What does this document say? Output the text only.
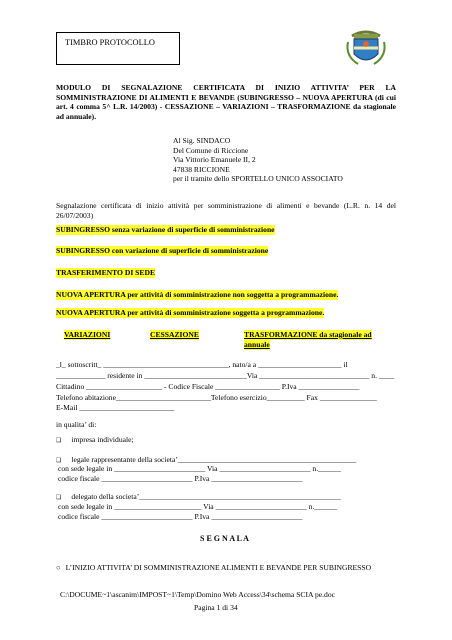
TIMBRO PROTOCOLLO
MODULO DI SEGNALAZIONE CERTIFICATA DI INIZIO ATTIVITA’ PER LA SOMMINISTRAZIONE DI ALIMENTI E BEVANDE (SUBINGRESSO – NUOVA APERTURA (di cui art. 4 comma 5^ L.R. 14/2003) - CESSAZIONE – VARIAZIONI – TRASFORMAZIONE da stagionale ad annuale).
Al Sig. SINDACO
Del Comune di Riccione
Via Vittorio Emanuele II, 2
47838 RICCIONE
per il tramite dello SPORTELLO UNICO ASSOCIATO
Segnalazione certificata di inizio attività per somministrazione di alimenti e bevande (L.R. n. 14 del 26/07/2003)
SUBINGRESSO senza variazione di superficie di somministrazione
SUBINGRESSO con variazione di superficie di somministrazione
TRASFERIMENTO DI SEDE
NUOVA APERTURA per attività di somministrazione non soggetta a programmazione.
NUOVA APERTURA per attività di somministrazione soggetta a programmazione.
VARIAZIONI	CESSAZIONE	TRASFORMAZIONE da stagionale ad
annuale
_l_ sottoscritt_ _________________________________, nato/a a ______________________ il
_____________ residente in ___________________________Via _____________________________ n. ____
Cittadino ____________________ - Codice Fiscale _________________ P.Iva ________________
Telefono abitazione_________________________Telefono esercizio__________ Fax _______________
E-Mail _________________________
in qualita’ di:
❑ impresa individuale;
❑ legale rappresentante della societa’_______________________________________________
con sede legale in ________________________ Via ________________________ n.______
codice fiscale ________________________ P.Iva ________________________
❑ delegato della societa’_____________________________________________________
con sede legale in _______________________ Via ________________________ n.______
codice fiscale ________________________ P.Iva ________________________
S E G N A L A
○ L’INIZIO ATTIVITA’ DI SOMMINISTRAZIONE ALIMENTI E BEVANDE PER SUBINGRESSO
C:\DOCUME~1\ascanim\IMPOST~1\Temp\Domino Web Access\34\schema SCIA pe.doc
Pagina 1 di 34
